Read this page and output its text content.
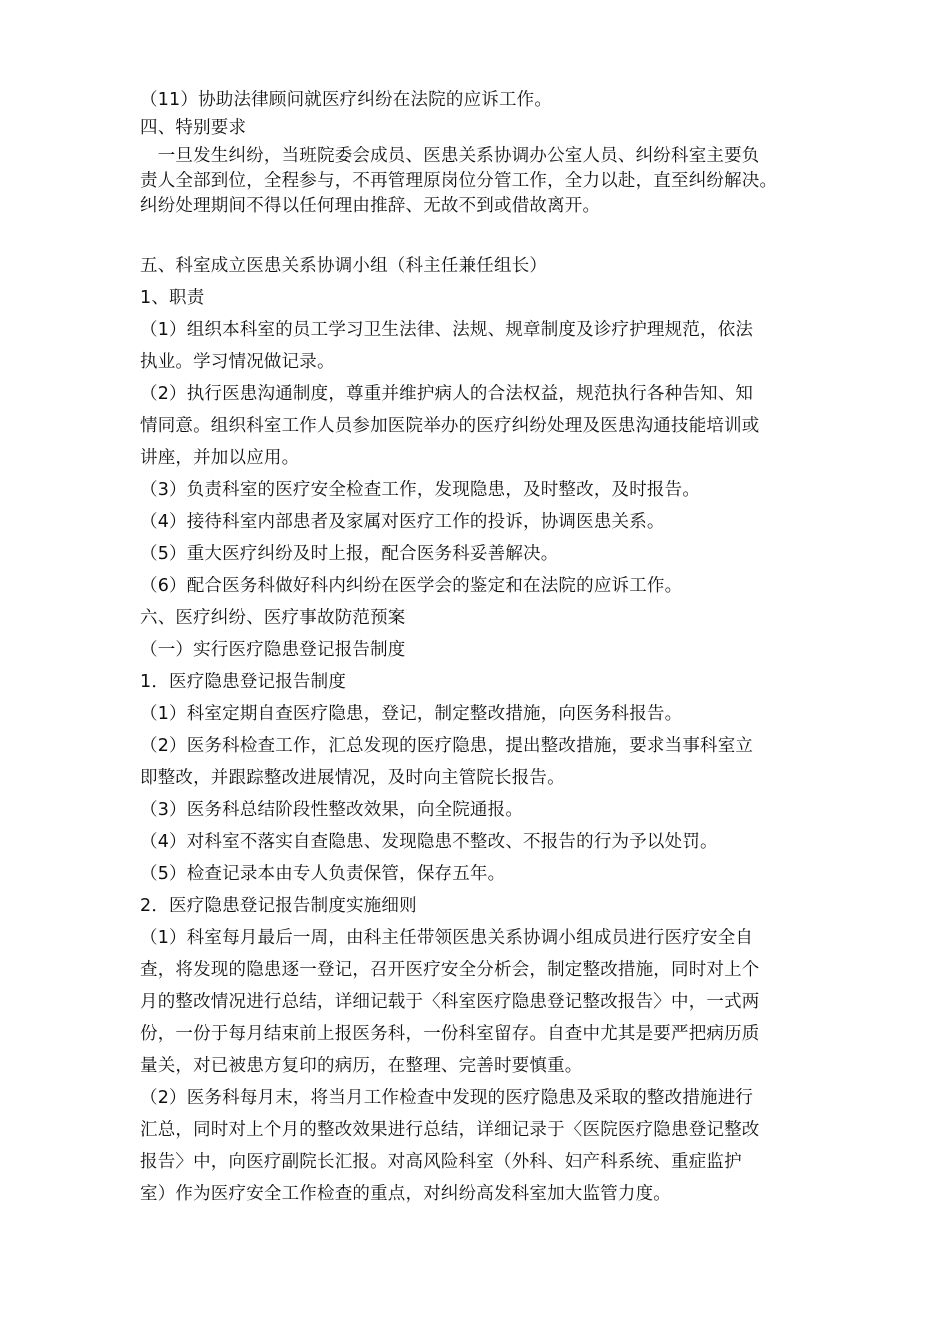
（11）协助法律顾问就医疗纠纷在法院的应诉工作。
四、特别要求
　一旦发生纠纷，当班院委会成员、医患关系协调办公室人员、纠纷科室主要负
责人全部到位，全程参与，不再管理原岗位分管工作，全力以赴，直至纠纷解决。
纠纷处理期间不得以任何理由推辞、无故不到或借故离开。
五、科室成立医患关系协调小组（科主任兼任组长）
1、职责
（1）组织本科室的员工学习卫生法律、法规、规章制度及诊疗护理规范，依法
执业。学习情况做记录。
（2）执行医患沟通制度，尊重并维护病人的合法权益，规范执行各种告知、知
情同意。组织科室工作人员参加医院举办的医疗纠纷处理及医患沟通技能培训或
讲座，并加以应用。
（3）负责科室的医疗安全检查工作，发现隐患，及时整改，及时报告。
（4）接待科室内部患者及家属对医疗工作的投诉，协调医患关系。
（5）重大医疗纠纷及时上报，配合医务科妥善解决。
（6）配合医务科做好科内纠纷在医学会的鉴定和在法院的应诉工作。
六、医疗纠纷、医疗事故防范预案
（一）实行医疗隐患登记报告制度
1．医疗隐患登记报告制度
（1）科室定期自查医疗隐患，登记，制定整改措施，向医务科报告。
（2）医务科检查工作，汇总发现的医疗隐患，提出整改措施，要求当事科室立
即整改，并跟踪整改进展情况，及时向主管院长报告。
（3）医务科总结阶段性整改效果，向全院通报。
（4）对科室不落实自查隐患、发现隐患不整改、不报告的行为予以处罚。
（5）检查记录本由专人负责保管，保存五年。
2．医疗隐患登记报告制度实施细则
（1）科室每月最后一周，由科主任带领医患关系协调小组成员进行医疗安全自
查，将发现的隐患逐一登记，召开医疗安全分析会，制定整改措施，同时对上个
月的整改情况进行总结，详细记载于〈科室医疗隐患登记整改报告〉中，一式两
份，一份于每月结束前上报医务科，一份科室留存。自查中尤其是要严把病历质
量关，对已被患方复印的病历，在整理、完善时要慎重。
（2）医务科每月末，将当月工作检查中发现的医疗隐患及采取的整改措施进行
汇总，同时对上个月的整改效果进行总结，详细记录于〈医院医疗隐患登记整改
报告〉中，向医疗副院长汇报。对高风险科室（外科、妇产科系统、重症监护
室）作为医疗安全工作检查的重点，对纠纷高发科室加大监管力度。
